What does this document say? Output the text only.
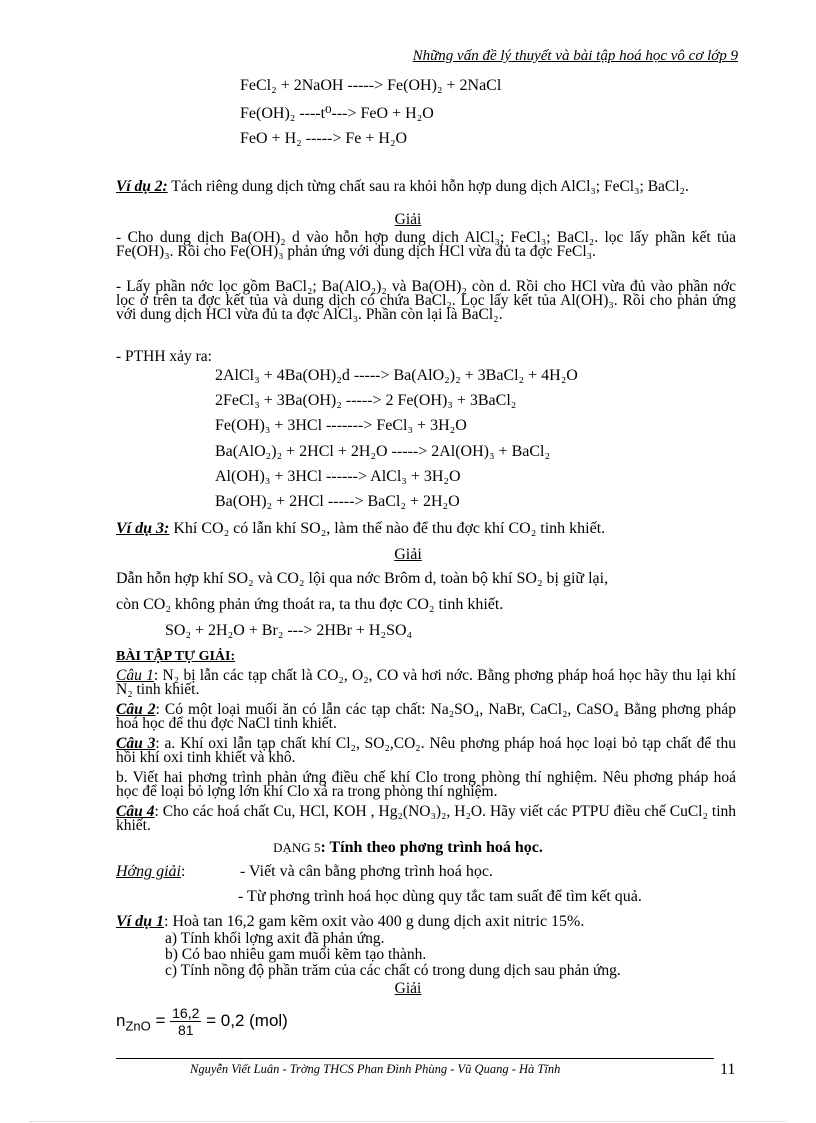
Những vấn đề lý thuyết và bài tập hoá học vô cơ lớp 9
FeCl₂ + 2NaOH -----> Fe(OH)₂ + 2NaCl
Fe(OH)₂ ----t⁰---> FeO + H₂O
FeO + H₂ -----> Fe + H₂O
Ví dụ 2: Tách riêng dung dịch từng chất sau ra khỏi hỗn hợp dung dịch AlCl₃; FeCl₃; BaCl₂.
Giải
- Cho dung dịch Ba(OH)₂ d vào hỗn hợp dung dịch AlCl₃; FeCl₃; BaCl₂. lọc lấy phần kết tủa Fe(OH)₃. Rồi cho Fe(OH)₃ phản ứng với dung dịch HCl vừa đủ ta đợc FeCl₃.
- Lấy phần nớc lọc gồm BaCl₂; Ba(AlO₂)₂ và Ba(OH)₂ còn d. Rồi cho HCl vừa đủ vào phần nớc lọc ở trên ta đợc kết tủa và dung dịch có chứa BaCl₂. Lọc lấy kết tủa Al(OH)₃. Rồi cho phản ứng với dung dịch HCl vừa đủ ta đợc AlCl₃. Phần còn lại là BaCl₂.
- PTHH xảy ra:
2AlCl₃ + 4Ba(OH)₂d -----> Ba(AlO₂)₂ + 3BaCl₂ + 4H₂O
2FeCl₃ + 3Ba(OH)₂ -----> 2 Fe(OH)₃ + 3BaCl₂
Fe(OH)₃ + 3HCl -------> FeCl₃ + 3H₂O
Ba(AlO₂)₂ + 2HCl + 2H₂O -----> 2Al(OH)₃ + BaCl₂
Al(OH)₃ + 3HCl ------> AlCl₃ + 3H₂O
Ba(OH)₂ + 2HCl -----> BaCl₂ + 2H₂O
Ví dụ 3: Khí CO₂ có lẫn khí SO₂, làm thế nào để thu đợc khí CO₂ tinh khiết.
Giải
Dẫn hỗn hợp khí SO₂ và CO₂ lội qua nớc Brôm d, toàn bộ khí SO₂ bị giữ lại,
còn CO₂ không phản ứng thoát ra, ta thu đợc CO₂ tinh khiết.
SO₂ + 2H₂O + Br₂ ---> 2HBr + H₂SO₄
BÀI TẬP TỰ GIẢI:
Câu 1: N₂ bị lẫn các tạp chất là CO₂, O₂, CO và hơi nớc. Bằng phơng pháp hoá học hãy thu lại khí N₂ tinh khiết.
Câu 2: Có một loại muối ăn có lẫn các tạp chất: Na₂SO₄, NaBr, CaCl₂, CaSO₄ Bằng phơng pháp hoá học để thu đợc NaCl tinh khiết.
Câu 3: a. Khí oxi lẫn tạp chất khí Cl₂, SO₂,CO₂. Nêu phơng pháp hoá học loại bỏ tạp chất để thu hồi khí oxi tinh khiết và khô.
b. Viết hai phơng trình phản ứng điều chế khí Clo trong phòng thí nghiệm. Nêu phơng pháp hoá học để loại bỏ lợng lớn khí Clo xả ra trong phòng thí nghiệm.
Câu 4: Cho các hoá chất Cu, HCl, KOH , Hg₂(NO₃)₂, H₂O. Hãy viết các PTPU điều chế CuCl₂ tinh khiết.
DẠNG 5: Tính theo phơng trình hoá học.
Hớng giải:	- Viết và cân bằng phơng trình hoá học.
- Từ phơng trình hoá học dùng quy tắc tam suất để tìm kết quả.
Ví dụ 1: Hoà tan 16,2 gam kẽm oxit vào 400 g dung dịch axit nitric 15%.
a) Tính khối lợng axit đã phản ứng.
b) Có bao nhiêu gam muối kẽm tạo thành.
c) Tính nồng độ phần trăm của các chất có trong dung dịch sau phản ứng.
Giải
$n_{ZnO} = \frac{16,2}{81} = 0,2$ (mol)
Nguyễn Viết Luân - Trờng THCS Phan Đình Phùng - Vũ Quang - Hà Tĩnh	11
